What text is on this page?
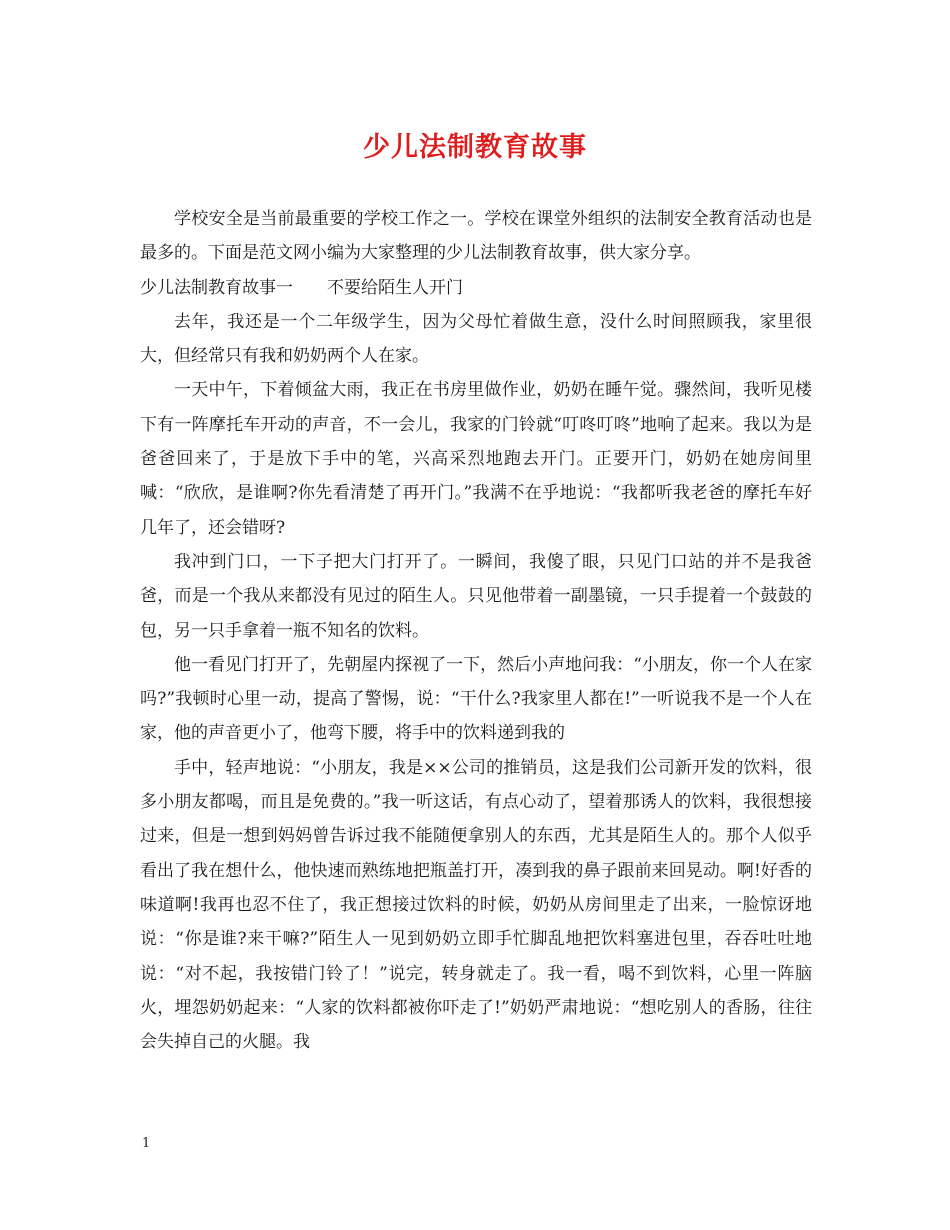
少儿法制教育故事

学校安全是当前最重要的学校工作之一。学校在课堂外组织的法制安全教育活动也是最多的。下面是范文网小编为大家整理的少儿法制教育故事，供大家分享。

少儿法制教育故事一　　不要给陌生人开门

去年，我还是一个二年级学生，因为父母忙着做生意，没什么时间照顾我，家里很大，但经常只有我和奶奶两个人在家。

一天中午，下着倾盆大雨，我正在书房里做作业，奶奶在睡午觉。骤然间，我听见楼下有一阵摩托车开动的声音，不一会儿，我家的门铃就“叮咚叮咚”地响了起来。我以为是爸爸回来了，于是放下手中的笔，兴高采烈地跑去开门。正要开门，奶奶在她房间里喊：“欣欣，是谁啊?你先看清楚了再开门。”我满不在乎地说：“我都听我老爸的摩托车好几年了，还会错呀?

我冲到门口，一下子把大门打开了。一瞬间，我傻了眼，只见门口站的并不是我爸爸，而是一个我从来都没有见过的陌生人。只见他带着一副墨镜，一只手提着一个鼓鼓的包，另一只手拿着一瓶不知名的饮料。

他一看见门打开了，先朝屋内探视了一下，然后小声地问我：“小朋友，你一个人在家吗?”我顿时心里一动，提高了警惕，说：“干什么?我家里人都在!”一听说我不是一个人在家，他的声音更小了，他弯下腰，将手中的饮料递到我的

手中，轻声地说：“小朋友，我是××公司的推销员，这是我们公司新开发的饮料，很多小朋友都喝，而且是免费的。”我一听这话，有点心动了，望着那诱人的饮料，我很想接过来，但是一想到妈妈曾告诉过我不能随便拿别人的东西，尤其是陌生人的。那个人似乎看出了我在想什么，他快速而熟练地把瓶盖打开，凑到我的鼻子跟前来回晃动。啊!好香的味道啊!我再也忍不住了，我正想接过饮料的时候，奶奶从房间里走了出来，一脸惊讶地说：“你是谁?来干嘛?”陌生人一见到奶奶立即手忙脚乱地把饮料塞进包里，吞吞吐吐地说：“对不起，我按错门铃了！”说完，转身就走了。我一看，喝不到饮料，心里一阵脑火，埋怨奶奶起来：“人家的饮料都被你吓走了!”奶奶严肃地说：“想吃别人的香肠，往往会失掉自己的火腿。我

1
